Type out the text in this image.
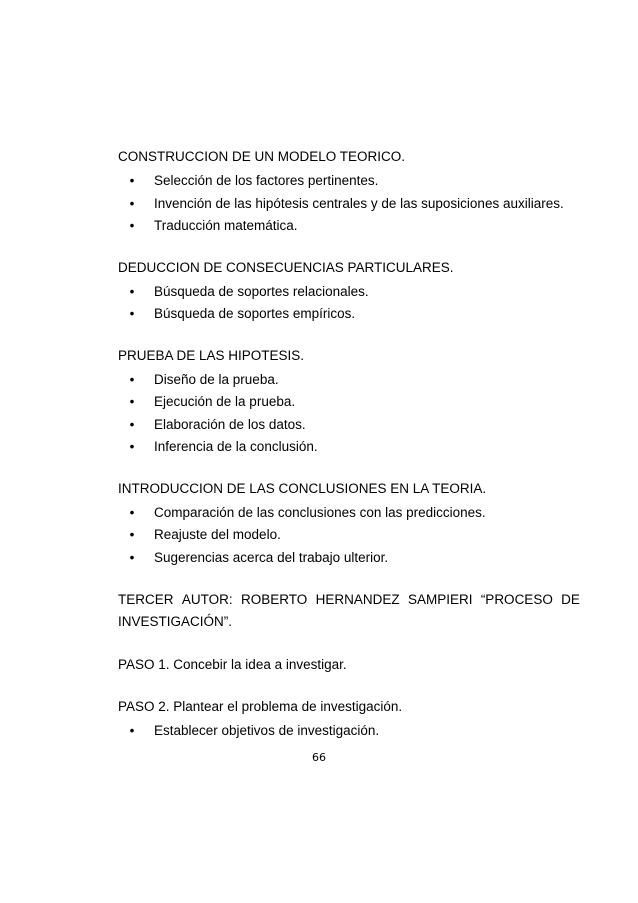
CONSTRUCCION DE UN MODELO TEORICO.

• Selección de los factores pertinentes.
• Invención de las hipótesis centrales y de las suposiciones auxiliares.
• Traducción matemática.

DEDUCCION DE CONSECUENCIAS PARTICULARES.

• Búsqueda de soportes relacionales.
• Búsqueda de soportes empíricos.

PRUEBA DE LAS HIPOTESIS.

• Diseño de la prueba.
• Ejecución de la prueba.
• Elaboración de los datos.
• Inferencia de la conclusión.

INTRODUCCION DE LAS CONCLUSIONES EN LA TEORIA.

• Comparación de las conclusiones con las predicciones.
• Reajuste del modelo.
• Sugerencias acerca del trabajo ulterior.
TERCER AUTOR: ROBERTO HERNANDEZ SAMPIERI “PROCESO DE
INVESTIGACIÓN”.

PASO 1. Concebir la idea a investigar.

PASO 2. Plantear el problema de investigación.

• Establecer objetivos de investigación.
66
